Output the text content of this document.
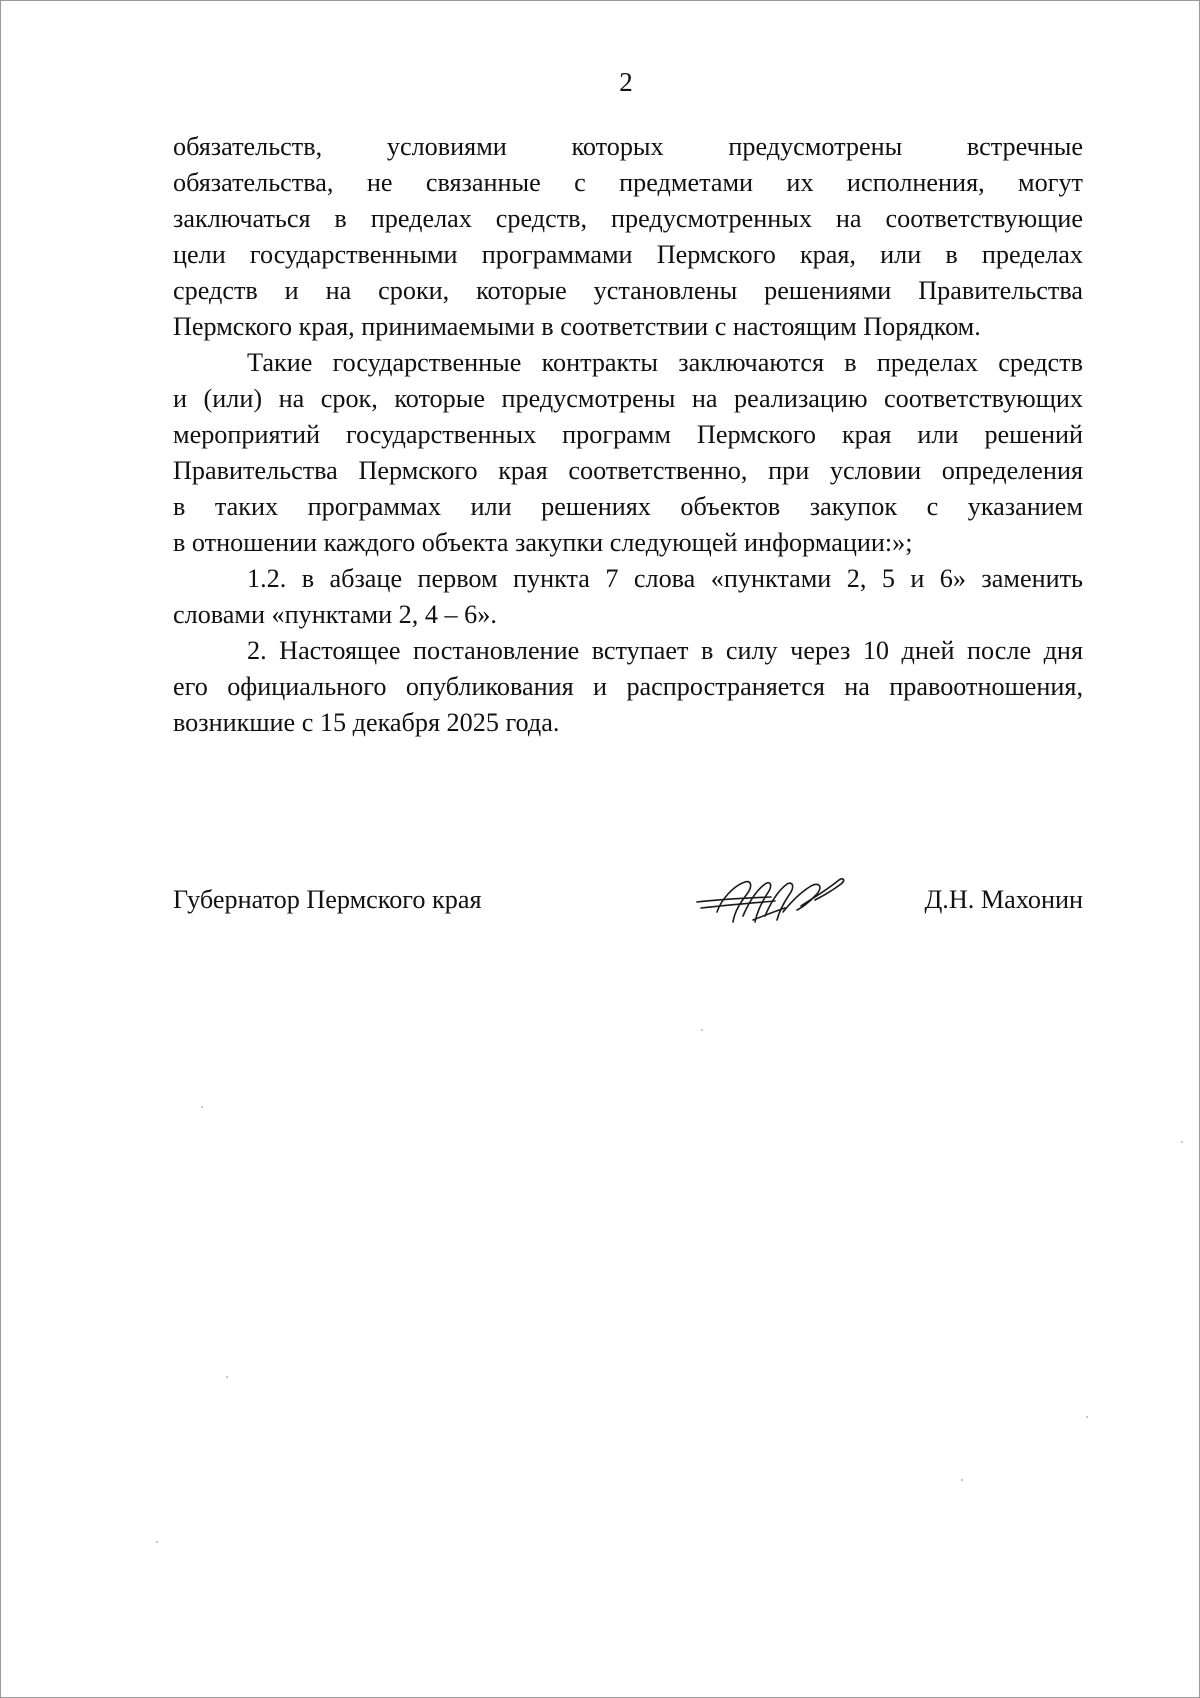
2

обязательств, условиями которых предусмотрены встречные
обязательства, не связанные с предметами их исполнения, могут
заключаться в пределах средств, предусмотренных на соответствующие
цели государственными программами Пермского края, или в пределах
средств и на сроки, которые установлены решениями Правительства
Пермского края, принимаемыми в соответствии с настоящим Порядком.

Такие государственные контракты заключаются в пределах средств
и (или) на срок, которые предусмотрены на реализацию соответствующих
мероприятий государственных программ Пермского края или решений
Правительства Пермского края соответственно, при условии определения
в таких программах или решениях объектов закупок с указанием
в отношении каждого объекта закупки следующей информации:»;

1.2. в абзаце первом пункта 7 слова «пунктами 2, 5 и 6» заменить
словами «пунктами 2, 4 – 6».

2. Настоящее постановление вступает в силу через 10 дней после дня
его официального опубликования и распространяется на правоотношения,
возникшие с 15 декабря 2025 года.

Губернатор Пермского края	Д.Н. Махонин
